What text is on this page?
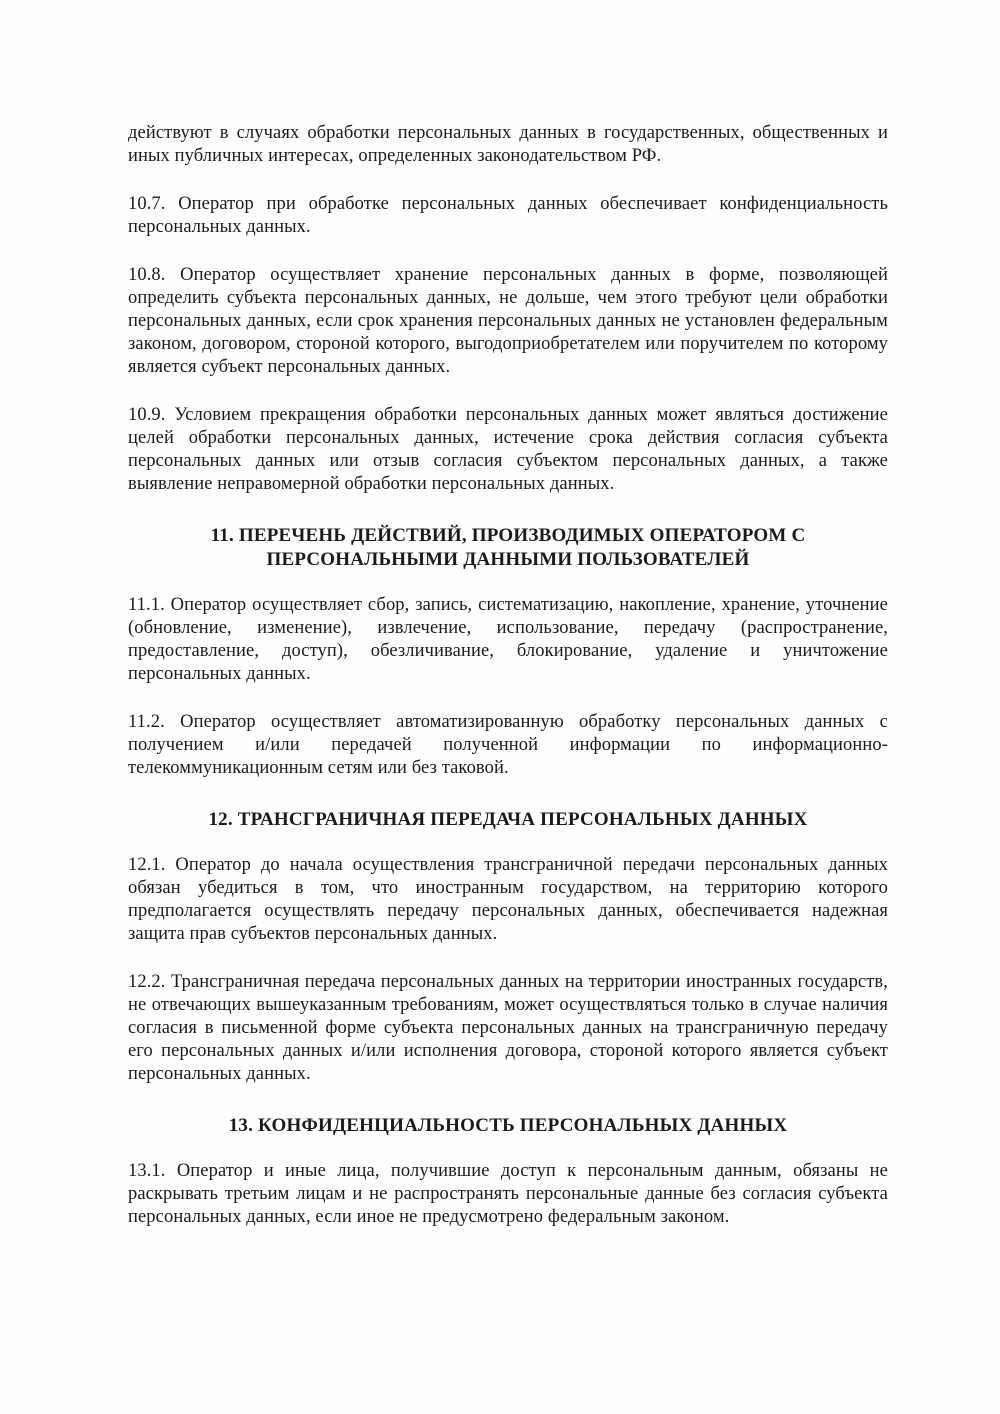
действуют в случаях обработки персональных данных в государственных, общественных и иных публичных интересах, определенных законодательством РФ.

10.7. Оператор при обработке персональных данных обеспечивает конфиденциальность персональных данных.

10.8. Оператор осуществляет хранение персональных данных в форме, позволяющей определить субъекта персональных данных, не дольше, чем этого требуют цели обработки персональных данных, если срок хранения персональных данных не установлен федеральным законом, договором, стороной которого, выгодоприобретателем или поручителем по которому является субъект персональных данных.

10.9. Условием прекращения обработки персональных данных может являться достижение целей обработки персональных данных, истечение срока действия согласия субъекта персональных данных или отзыв согласия субъектом персональных данных, а также выявление неправомерной обработки персональных данных.

11. ПЕРЕЧЕНЬ ДЕЙСТВИЙ, ПРОИЗВОДИМЫХ ОПЕРАТОРОМ С
ПЕРСОНАЛЬНЫМИ ДАННЫМИ ПОЛЬЗОВАТЕЛЕЙ

11.1. Оператор осуществляет сбор, запись, систематизацию, накопление, хранение, уточнение (обновление, изменение), извлечение, использование, передачу (распространение, предоставление, доступ), обезличивание, блокирование, удаление и уничтожение персональных данных.

11.2. Оператор осуществляет автоматизированную обработку персональных данных с получением и/или передачей полученной информации по информационно-телекоммуникационным сетям или без таковой.

12. ТРАНСГРАНИЧНАЯ ПЕРЕДАЧА ПЕРСОНАЛЬНЫХ ДАННЫХ

12.1. Оператор до начала осуществления трансграничной передачи персональных данных обязан убедиться в том, что иностранным государством, на территорию которого предполагается осуществлять передачу персональных данных, обеспечивается надежная защита прав субъектов персональных данных.

12.2. Трансграничная передача персональных данных на территории иностранных государств, не отвечающих вышеуказанным требованиям, может осуществляться только в случае наличия согласия в письменной форме субъекта персональных данных на трансграничную передачу его персональных данных и/или исполнения договора, стороной которого является субъект персональных данных.

13. КОНФИДЕНЦИАЛЬНОСТЬ ПЕРСОНАЛЬНЫХ ДАННЫХ

13.1. Оператор и иные лица, получившие доступ к персональным данным, обязаны не раскрывать третьим лицам и не распространять персональные данные без согласия субъекта персональных данных, если иное не предусмотрено федеральным законом.
